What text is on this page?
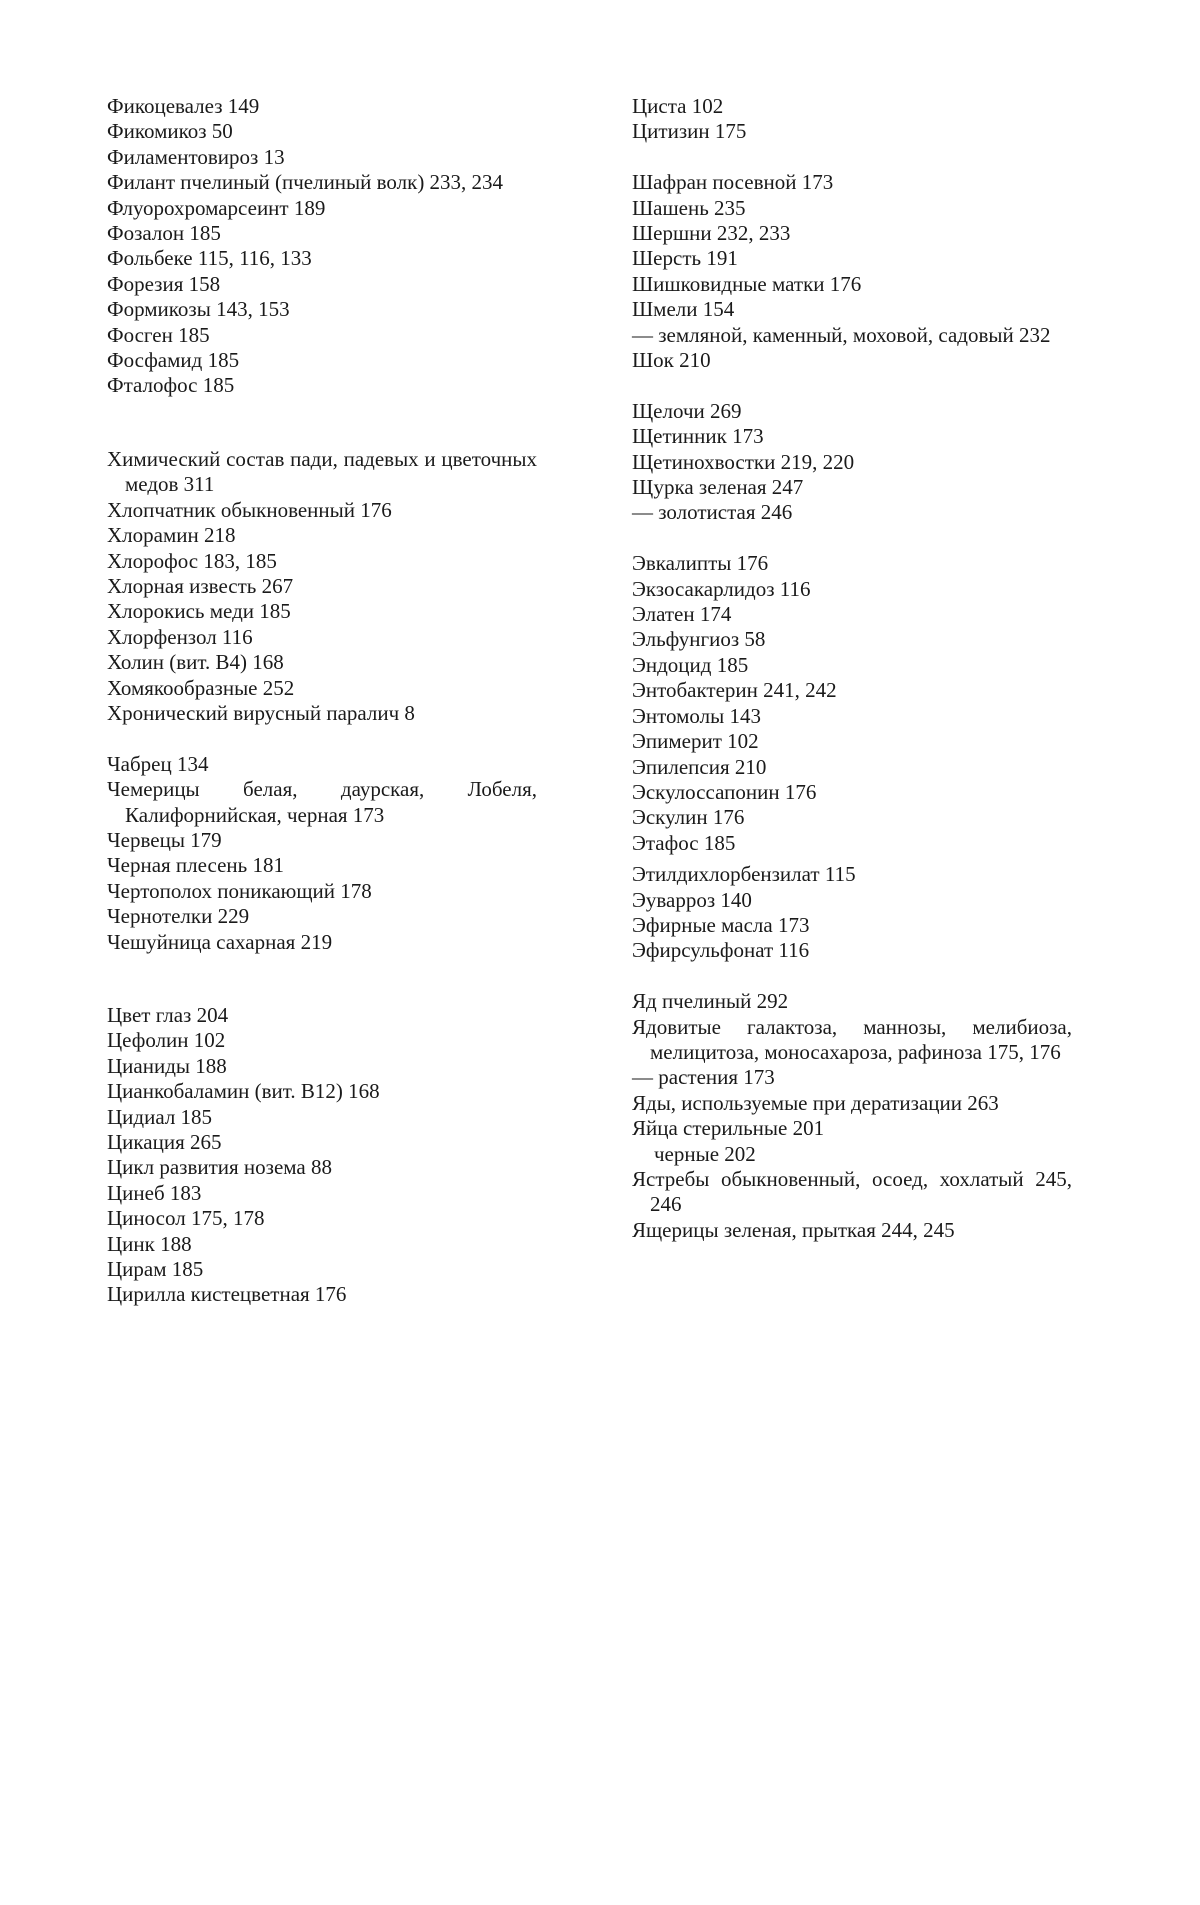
Фикоцевалез 149

Фикомикоз 50

Филаментовироз 13

Филант пчелиный (пчелиный волк) 233, 234

Флуорохромарсеинт 189

Фозалон 185

Фольбеке 115, 116, 133

Форезия 158

Формикозы 143, 153

Фосген 185

Фосфамид 185

Фталофос 185

Химический состав пади, падевых и цветочных медов 311

Хлопчатник обыкновенный 176

Хлорамин 218

Хлорофос 183, 185

Хлорная известь 267

Хлорокись меди 185

Хлорфензол 116

Холин (вит. В4) 168

Хомякообразные 252

Хронический вирусный паралич 8

Чабрец 134

Чемерицы белая, даурская, Лобеля, Калифорнийская, черная 173

Червецы 179

Черная плесень 181

Чертополох поникающий 178

Чернотелки 229

Чешуйница сахарная 219

Цвет глаз 204

Цефолин 102

Цианиды 188

Цианкобаламин (вит. В12) 168

Цидиал 185

Цикация 265

Цикл развития нозема 88

Цинеб 183

Циносол 175, 178

Цинк 188

Цирам 185

Цирилла кистецветная 176

Циста 102

Цитизин 175

Шафран посевной 173

Шашень 235

Шершни 232, 233

Шерсть 191

Шишковидные матки 176

Шмели 154

— земляной, каменный, моховой, садовый 232

Шок 210

Щелочи 269

Щетинник 173

Щетинохвостки 219, 220

Щурка зеленая 247

— золотистая 246

Эвкалипты 176

Экзосакарлидоз 116

Элатен 174

Эльфунгиоз 58

Эндоцид 185

Энтобактерин 241, 242

Энтомолы 143

Эпимерит 102

Эпилепсия 210

Эскулоссапонин 176

Эскулин 176

Этафос 185

Этилдихлорбензилат 115

Эуварроз 140

Эфирные масла 173

Эфирсульфонат 116

Яд пчелиный 292

Ядовитые галактоза, маннозы, мелибиоза, мелицитоза, моносахароза, рафиноза 175, 176

— растения 173

Яды, используемые при дератизации 263

Яйца стерильные 201

черные 202

Ястребы обыкновенный, осоед, хохлатый 245, 246

Ящерицы зеленая, прыткая 244, 245
